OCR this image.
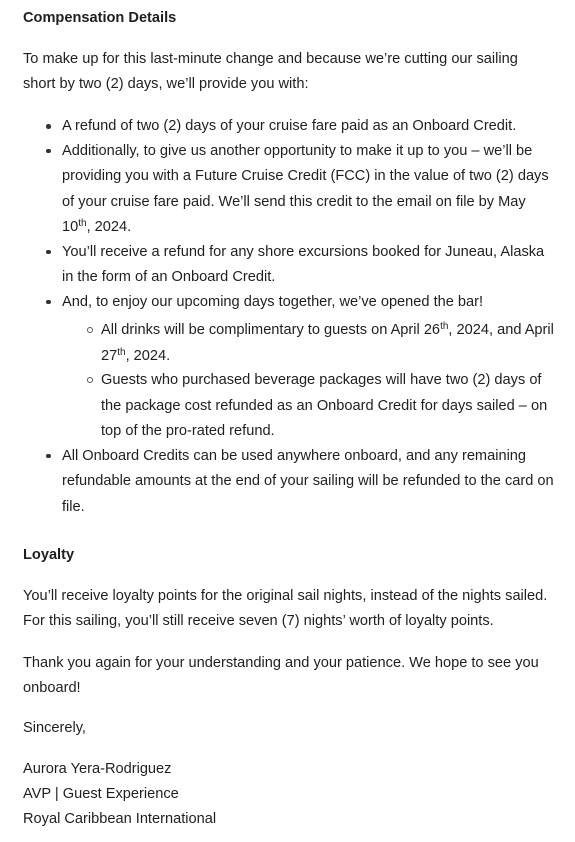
Compensation Details

To make up for this last-minute change and because we’re cutting our sailing short by two (2) days, we’ll provide you with:

A refund of two (2) days of your cruise fare paid as an Onboard Credit.
Additionally, to give us another opportunity to make it up to you – we’ll be providing you with a Future Cruise Credit (FCC) in the value of two (2) days of your cruise fare paid. We’ll send this credit to the email on file by May 10th, 2024.
You’ll receive a refund for any shore excursions booked for Juneau, Alaska in the form of an Onboard Credit.
And, to enjoy our upcoming days together, we’ve opened the bar!
All drinks will be complimentary to guests on April 26th, 2024, and April 27th, 2024.
Guests who purchased beverage packages will have two (2) days of the package cost refunded as an Onboard Credit for days sailed – on top of the pro-rated refund.
All Onboard Credits can be used anywhere onboard, and any remaining refundable amounts at the end of your sailing will be refunded to the card on file.

Loyalty

You’ll receive loyalty points for the original sail nights, instead of the nights sailed. For this sailing, you’ll still receive seven (7) nights’ worth of loyalty points.

Thank you again for your understanding and your patience. We hope to see you onboard!

Sincerely,

Aurora Yera-Rodriguez

AVP | Guest Experience

Royal Caribbean International
